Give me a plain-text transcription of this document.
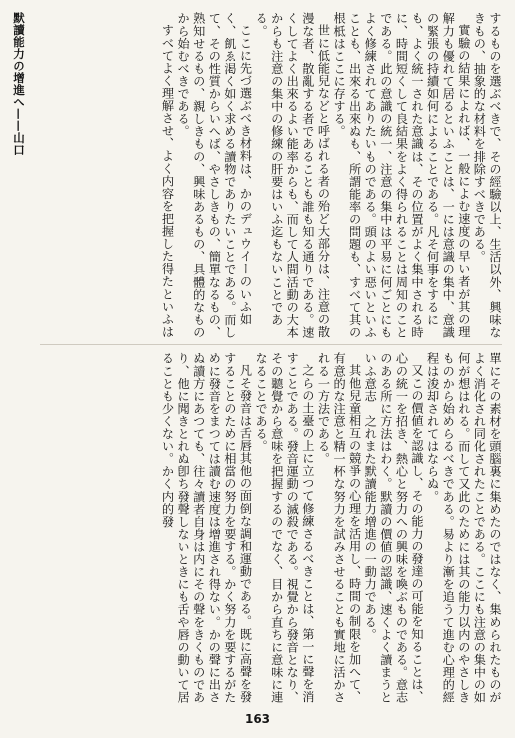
默讀能力の增進へ——山口	するものを選ぶべきで、その經驗以上、生活以外、興味なきもの、抽象的な材料を排除すべきである。

實驗の結果によれば、一般によむ速度の早い者が其の理解力も優れて居るといふことは、一には意識の集中、意識の緊張の持續如何によることである。凡そ何事をするにも、よく統一された意識は、その位置がよく集中される時に、時間短くして良結果をよく得られることは周知のことである。此の意識の統一、注意の集中は平易に何ごとにもよく修練されてありたいものである。頭のよい惡いといふことも、出來る出來ぬも、所謂能率の問題も、すべて其の根柢はここに存する。

世に低能兒などと呼ばれる者の殆ど大部分は、注意の散漫な者、散亂する者であることも誰も知る通りである。速くしてよく出來るよい能率からも、而して人間活動の大本からも注意の集中の修練の肝要はいふ迄もないことである。

ここに先づ選ぶべき材料は、かのデュウイーのいふ如く、飢ゑ渇く如く求める讀物でありたいことである。而して、その性質からいへば、やさしきもの、簡單なるもの、熟知せるもの、親しきもの、興味あるもの、具體的なものから始むべきである。

すべてよく理解させ、よく内容を把握した得たといふは

單にその素材を頭腦裏に集めたのではなく、集められたものがよく消化され同化されたことである。ここにも注意の集中の如何が想はれる。而して又此のためには其の能力以内のやさしきものから始めらるべきである。易より漸を追うて進む心理的經程は浚却されてはならぬ。

又この價値を認識し、その能力の發達の可能を知ることは、心の統一を招き、熱心と努力への興味を喚ぶものである。意志のある所に方法はわく。默讀の價値の認識、速くよく讀まうといふ意志　之れまた默讀能力增進の一動力である。

其他兒童相互の競爭の心理を活用し、時間の制限を加へて、有意的な注意と精一杯な努力を試みさせることも實地に活かされる一方法である。

之らの土臺の上に立つて修練さるべきことは、第一に聲を消すことである。發音運動の滅殺である。視覺から發音となり、その聽覺から意味を把握するのでなく、目から直ちに意味に連なることである。

凡そ發音は舌唇其他の面倒な調和運動である。既に高聲を發することのために相當の努力を要する。かく努力を要するがために發音をまつては讀む速度は增進され得ない。かの聲に出さぬ讀方にあつても、往々讀者自身は内にその聲をきくものであり、他に聞きとれぬ卽ち發聲しないときにも舌や唇の動いて居ることも少くない。かく内的發

163
